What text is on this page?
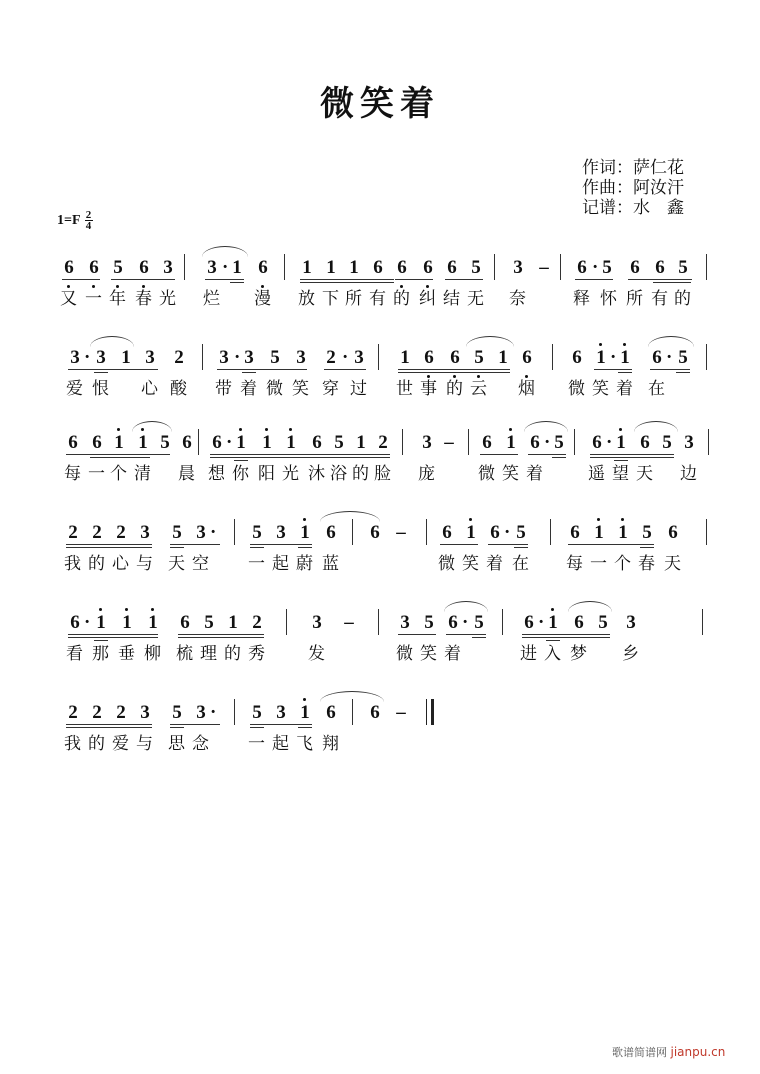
微笑着
作词：萨仁花
作曲：阿汝汗
记谱：水　鑫
$1=F \frac{2}{4}$
6 6 5 6 3 3 · 1 6 1 1 1 6 6 6 6 5 3 – 6 · 5 6 6 5
又 一 年 春 光 烂 漫 放 下 所 有 的 纠 结 无 奈	释 怀 所 有 的
3 · 3 1 3 2 3 · 3 5 3 2 · 3 1 6 6 5 1 6 6 1 · 1 6 · 5
爱 恨 心 酸 带 着 微 笑 穿 过 世 事 的 云 烟 微 笑 着 在
6 6 1 1 5 6 6 · 1 1 1 6 5 1 2 3 – 6 1 6 · 5 6 · 1 6 5 3
每 一 个 清 晨 想 你 阳 光 沐 浴 的 脸 庞	微 笑 着	遥 望 天 边
2 2 2 3 5 3 · 5 3 1 6 6 – 6 1 6 · 5 6 1 1 5 6
我 的 心 与 天 空 一 起 蔚 蓝	微 笑 着 在 每 一 个 春 天
6 · 1 1 1 6 5 1 2	3 – 3 5 6 · 5 6 · 1 6 5 3
看 那 垂 柳 梳 理 的 秀	发	微 笑 着	进 入 梦 乡
2 2 2 3 5 3 · 5 3 1 6 6 –
我 的 爱 与 思 念 一 起 飞 翔
歌谱简谱网 jianpu.cn
